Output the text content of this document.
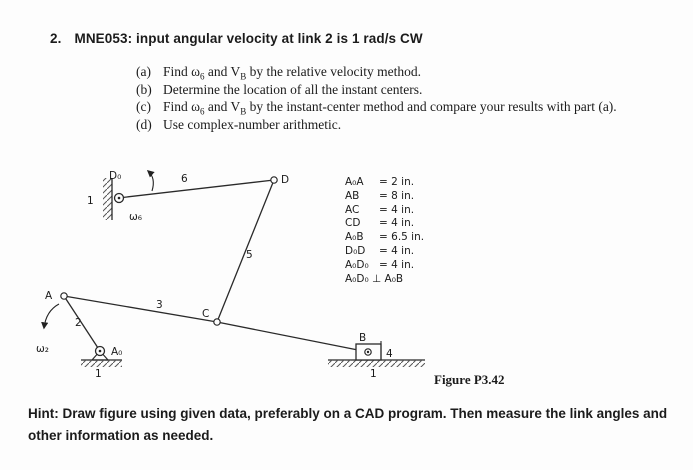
2. MNE053: input angular velocity at link 2 is 1 rad/s CW
(a) Find $\omega_6$ and $V_B$ by the relative velocity method.
(b) Determine the location of all the instant centers.
(c) Find $\omega_6$ and $V_B$ by the instant-center method and compare your results with part (a).
(d) Use complex-number arithmetic.
D₀
1
ω₆
6	D
5
C
A
3
2
A₀
ω₂
1
B
4
1
A₀A = 2 in.
AB = 8 in.
AC = 4 in.
CD = 4 in.
A₀B = 6.5 in.
D₀D = 4 in.
A₀D₀ = 4 in.
A₀D₀ ⊥ A₀B
Figure P3.42
Hint: Draw figure using given data, preferably on a CAD program. Then measure the link angles and other information as needed.
